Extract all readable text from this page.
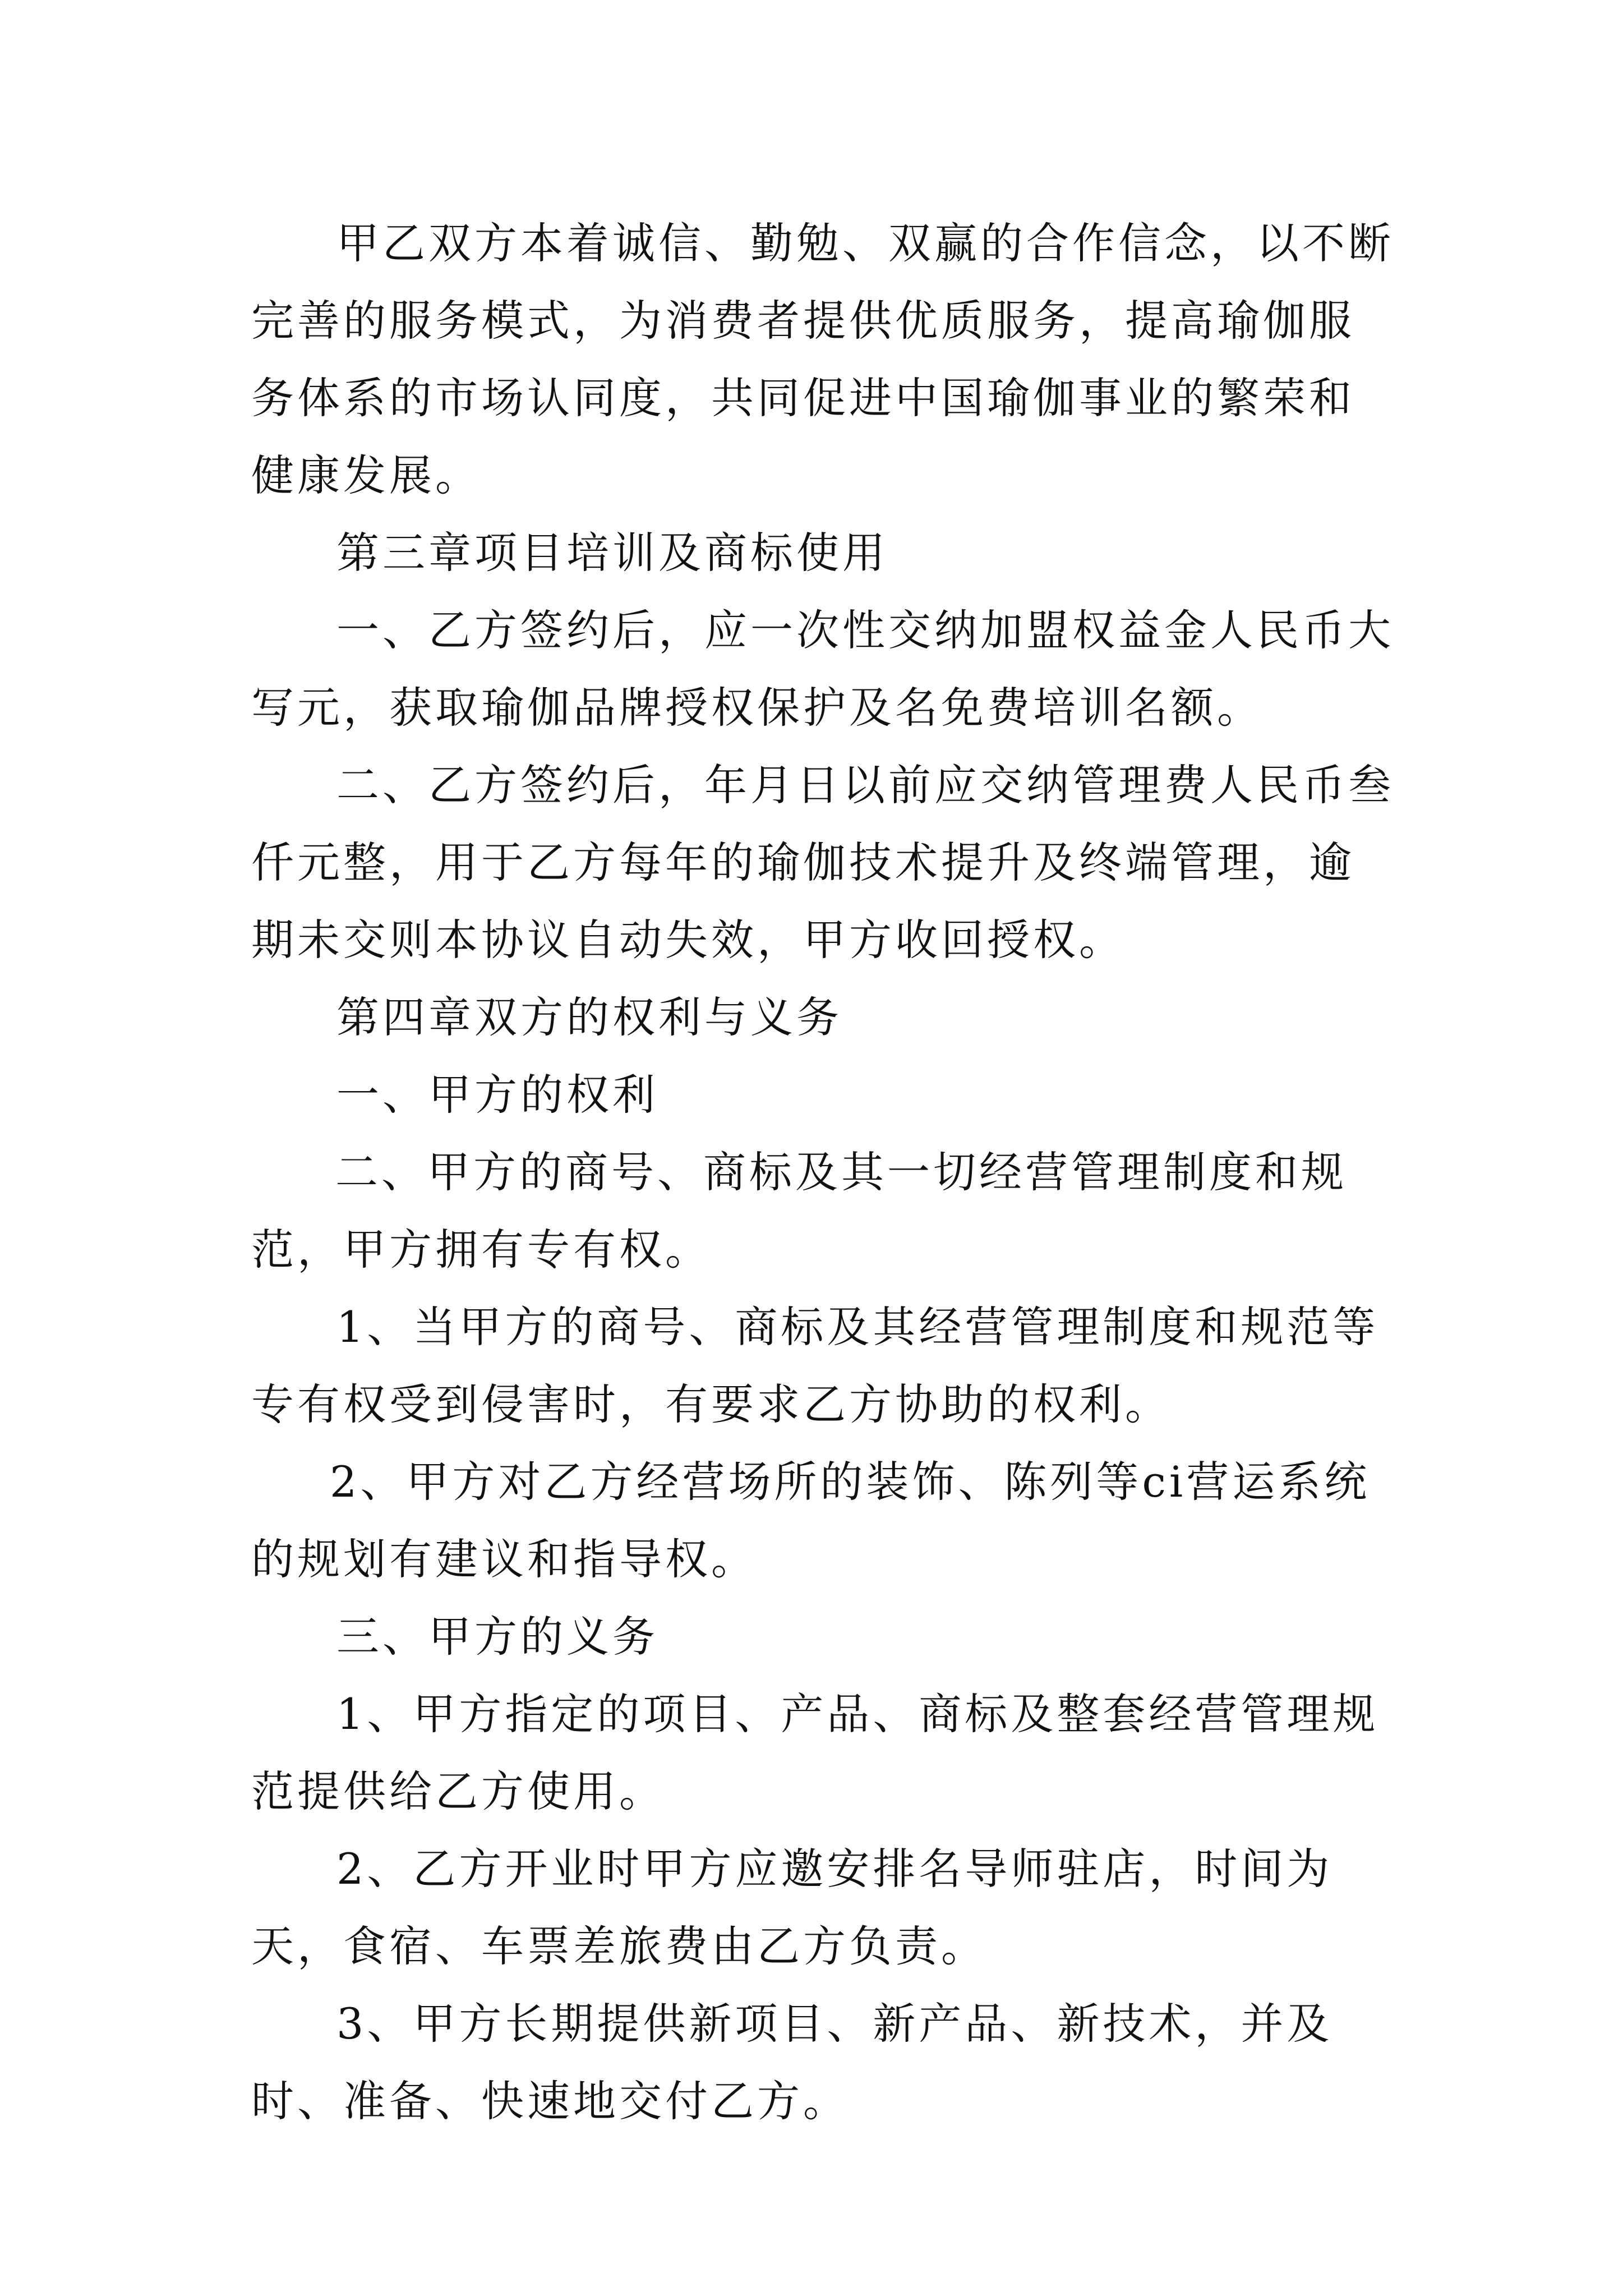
甲乙双方本着诚信、勤勉、双赢的合作信念，以不断完善的服务模式，为消费者提供优质服务，提高瑜伽服务体系的市场认同度，共同促进中国瑜伽事业的繁荣和健康发展。

第三章项目培训及商标使用

一、乙方签约后，应一次性交纳加盟权益金人民币大写元，获取瑜伽品牌授权保护及名免费培训名额。

二、乙方签约后，年月日以前应交纳管理费人民币叁仟元整，用于乙方每年的瑜伽技术提升及终端管理，逾期未交则本协议自动失效，甲方收回授权。

第四章双方的权利与义务

一、甲方的权利

二、甲方的商号、商标及其一切经营管理制度和规范，甲方拥有专有权。

1、当甲方的商号、商标及其经营管理制度和规范等专有权受到侵害时，有要求乙方协助的权利。

2、甲方对乙方经营场所的装饰、陈列等ci营运系统的规划有建议和指导权。

三、甲方的义务

1、甲方指定的项目、产品、商标及整套经营管理规范提供给乙方使用。

2、乙方开业时甲方应邀安排名导师驻店，时间为天，食宿、车票差旅费由乙方负责。

3、甲方长期提供新项目、新产品、新技术，并及时、准备、快速地交付乙方。
